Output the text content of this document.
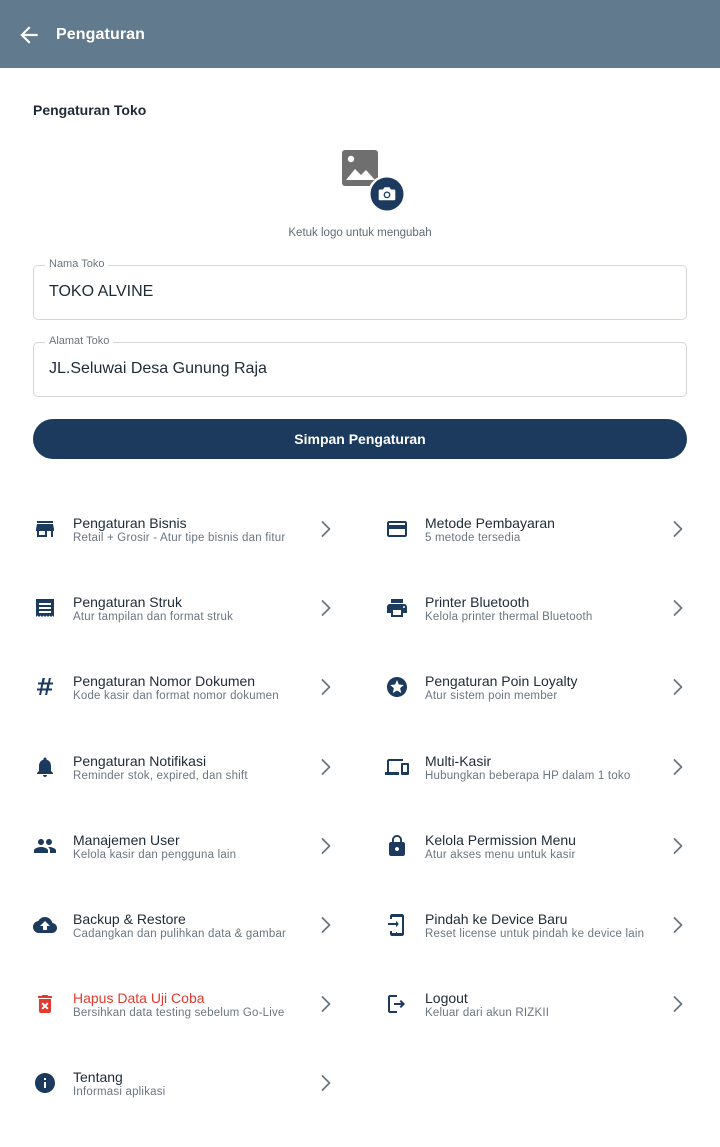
Pengaturan
Pengaturan Toko
Ketuk logo untuk mengubah
Nama Toko
TOKO ALVINE
Alamat Toko
JL.Seluwai Desa Gunung Raja
Simpan Pengaturan
Pengaturan Bisnis
Retail + Grosir - Atur tipe bisnis dan fitur
Metode Pembayaran
5 metode tersedia
Pengaturan Struk
Atur tampilan dan format struk
Printer Bluetooth
Kelola printer thermal Bluetooth
Pengaturan Nomor Dokumen
Kode kasir dan format nomor dokumen
Pengaturan Poin Loyalty
Atur sistem poin member
Pengaturan Notifikasi
Reminder stok, expired, dan shift
Multi-Kasir
Hubungkan beberapa HP dalam 1 toko
Manajemen User
Kelola kasir dan pengguna lain
Kelola Permission Menu
Atur akses menu untuk kasir
Backup & Restore
Cadangkan dan pulihkan data & gambar
Pindah ke Device Baru
Reset license untuk pindah ke device lain
Hapus Data Uji Coba
Bersihkan data testing sebelum Go-Live
Logout
Keluar dari akun RIZKII
Tentang
Informasi aplikasi
